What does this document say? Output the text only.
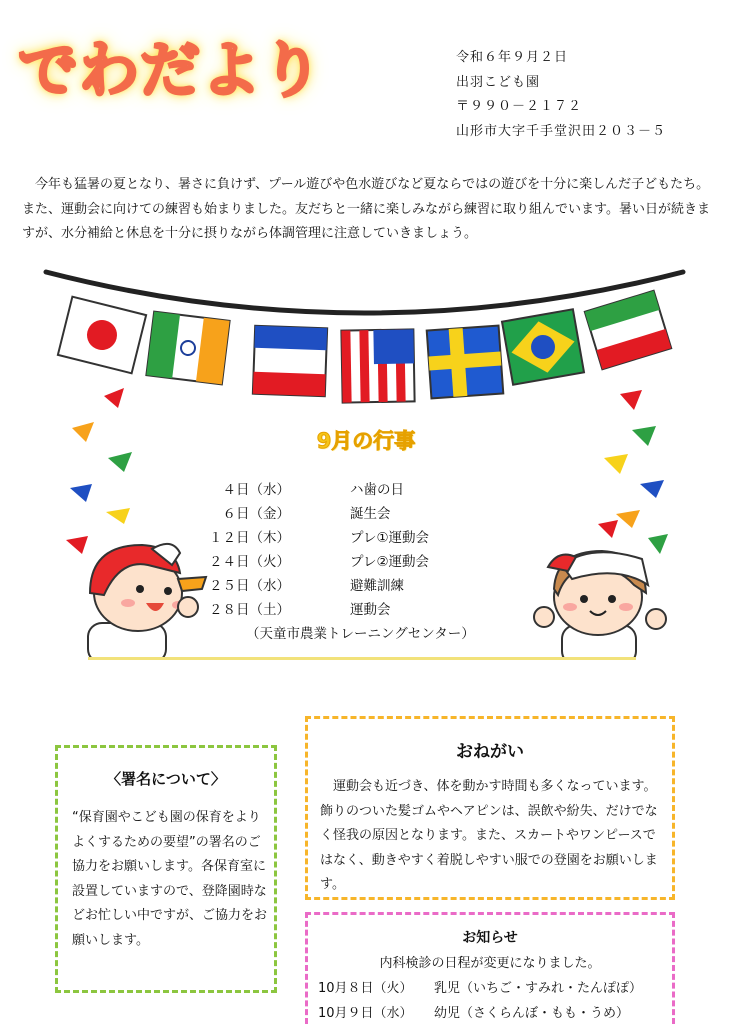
でわだより	令和６年９月２日
出羽こども園
〒９９０－２１７２
山形市大字千手堂沢田２０３－５
今年も猛暑の夏となり、暑さに負けず、プール遊びや色水遊びなど夏ならではの遊びを十分に楽しんだ子どもたち。また、運動会に向けての練習も始まりました。友だちと一緒に楽しみながら練習に取り組んでいます。暑い日が続きますが、水分補給と休息を十分に摂りながら体調管理に注意していきましょう。
9月の行事
４日（水）	ハ歯の日
６日（金）	誕生会
１２日（木）	プレ①運動会
２４日（火）	プレ②運動会
２５日（水）	避難訓練
２８日（土）	運動会
（天童市農業トレーニングセンター）
〈署名について〉
“保育園やこども園の保育をよりよくするための要望”の署名のご協力をお願いします。各保育室に設置していますので、登降園時などお忙しい中ですが、ご協力をお願いします。
おねがい
運動会も近づき、体を動かす時間も多くなっています。飾りのついた髪ゴムやヘアピンは、誤飲や紛失、だけでなく怪我の原因となります。また、スカートやワンピースではなく、動きやすく着脱しやすい服での登園をお願いします。
お知らせ
内科検診の日程が変更になりました。
10月８日（火） 乳児（いちご・すみれ・たんぽぽ）
10月９日（水） 幼児（さくらんぼ・もも・うめ）
